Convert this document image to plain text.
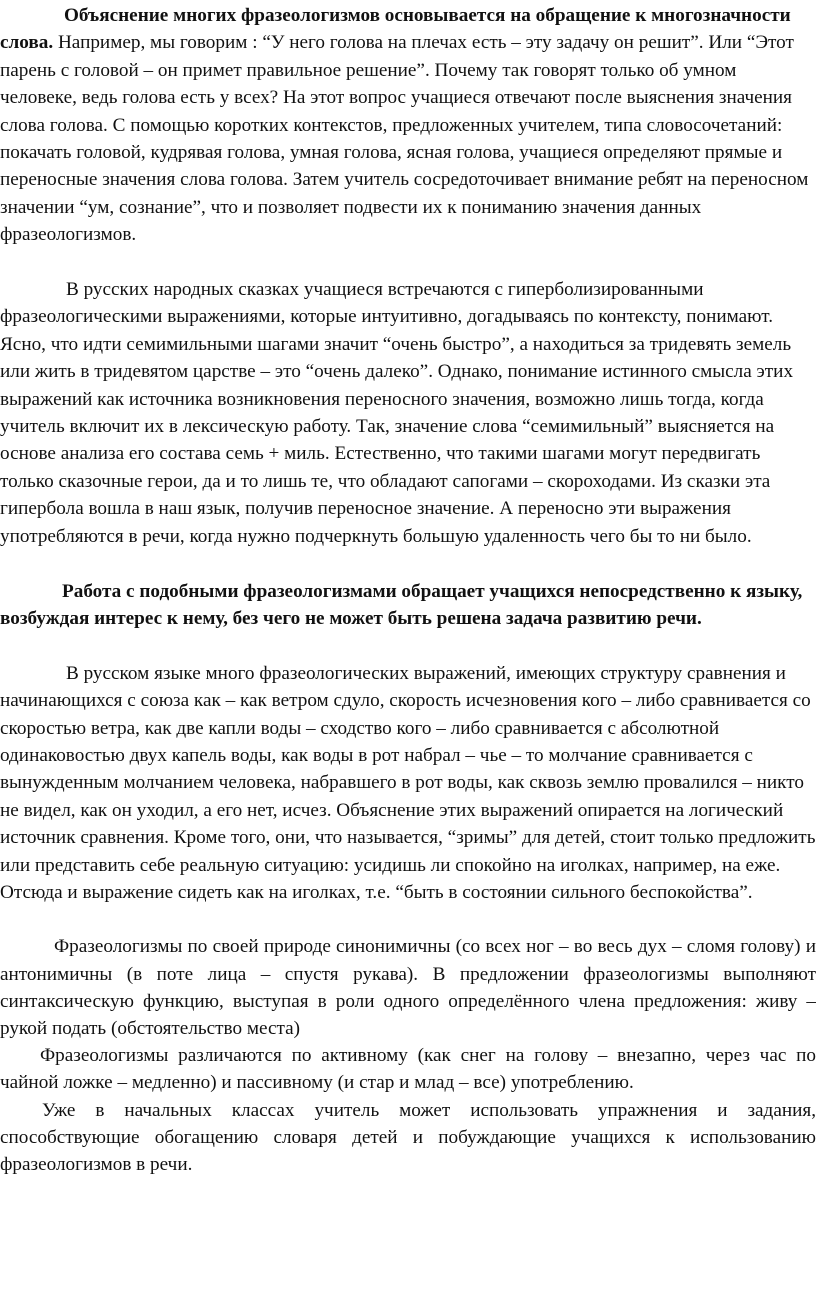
Объяснение многих фразеологизмов основывается на обращение к многозначности слова. Например, мы говорим : “У него голова на плечах есть – эту задачу он решит”. Или “Этот парень с головой – он примет правильное решение”. Почему так говорят только об умном человеке, ведь голова есть у всех? На этот вопрос учащиеся отвечают после выяснения значения слова голова. С помощью коротких контекстов, предложенных учителем, типа словосочетаний: покачать головой, кудрявая голова, умная голова, ясная голова, учащиеся определяют прямые и переносные значения слова голова. Затем учитель сосредоточивает внимание ребят на переносном значении “ум, сознание”, что и позволяет подвести их к пониманию значения данных фразеологизмов.

В русских народных сказках учащиеся встречаются с гиперболизированными фразеологическими выражениями, которые интуитивно, догадываясь по контексту, понимают. Ясно, что идти семимильными шагами значит “очень быстро”, а находиться за тридевять земель или жить в тридевятом царстве – это “очень далеко”. Однако, понимание истинного смысла этих выражений как источника возникновения переносного значения, возможно лишь тогда, когда учитель включит их в лексическую работу. Так, значение слова “семимильный” выясняется на основе анализа его состава семь + миль. Естественно, что такими шагами могут передвигать только сказочные герои, да и то лишь те, что обладают сапогами – скороходами. Из сказки эта гипербола вошла в наш язык, получив переносное значение. А переносно эти выражения употребляются в речи, когда нужно подчеркнуть большую удаленность чего бы то ни было.

Работа с подобными фразеологизмами обращает учащихся непосредственно к языку, возбуждая интерес к нему, без чего не может быть решена задача развитию речи.

В русском языке много фразеологических выражений, имеющих структуру сравнения и начинающихся с союза как – как ветром сдуло, скорость исчезновения кого – либо сравнивается со скоростью ветра, как две капли воды – сходство кого – либо сравнивается с абсолютной одинаковостью двух капель воды, как воды в рот набрал – чье – то молчание сравнивается с вынужденным молчанием человека, набравшего в рот воды, как сквозь землю провалился – никто не видел, как он уходил, а его нет, исчез. Объяснение этих выражений опирается на логический источник сравнения. Кроме того, они, что называется, “зримы” для детей, стоит только предложить или представить себе реальную ситуацию: усидишь ли спокойно на иголках, например, на еже. Отсюда и выражение сидеть как на иголках, т.е. “быть в состоянии сильного беспокойства”.

Фразеологизмы по своей природе синонимичны (со всех ног – во весь дух – сломя голову) и антонимичны (в поте лица – спустя рукава). В предложении фразеологизмы выполняют синтаксическую функцию, выступая в роли одного определённого члена предложения: живу – рукой подать (обстоятельство места)

Фразеологизмы различаются по активному (как снег на голову – внезапно, через час по чайной ложке – медленно) и пассивному (и стар и млад – все) употреблению.

Уже в начальных классах учитель может использовать упражнения и задания, способствующие обогащению словаря детей и побуждающие учащихся к использованию фразеологизмов в речи.
